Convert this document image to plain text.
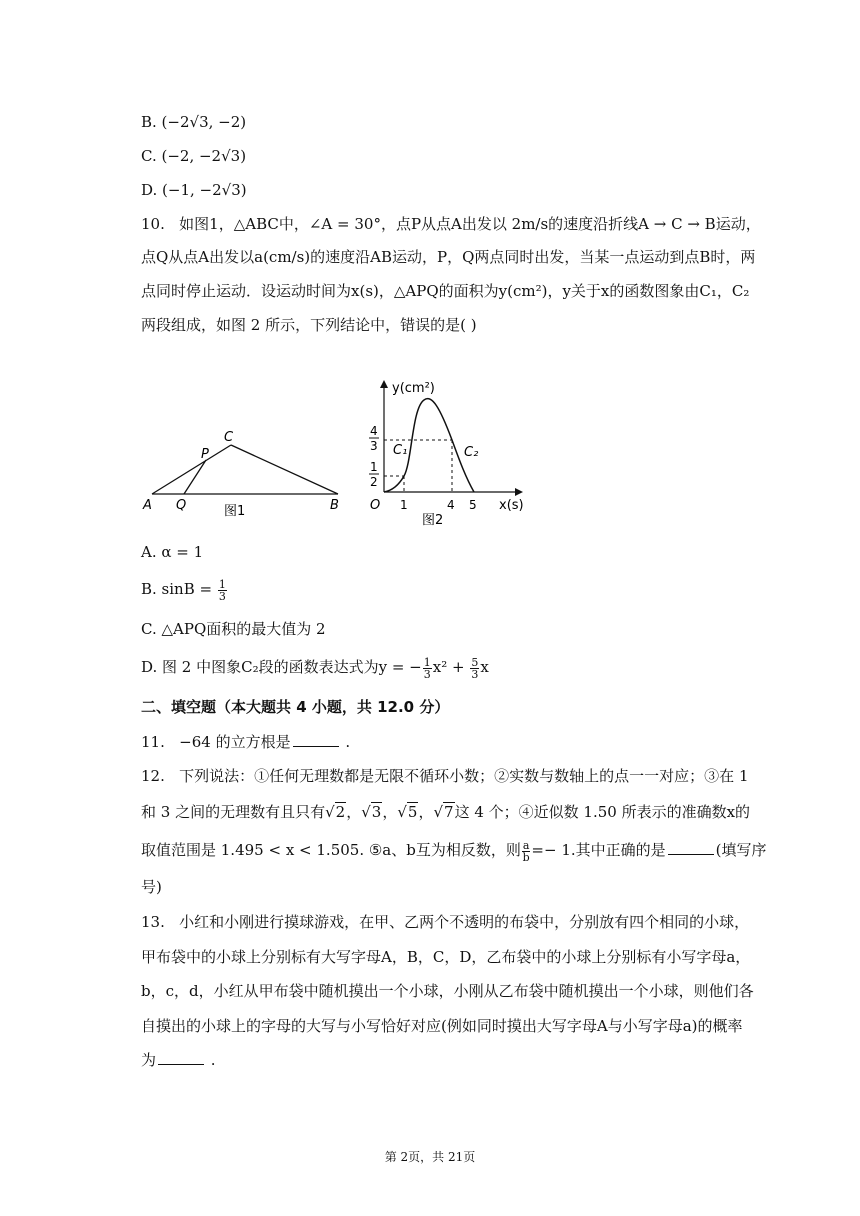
B. (−2√3, −2)
C. (−2, −2√3)
D. (−1, −2√3)
10. 如图1，△ABC中，∠A = 30°，点P从点A出发以 2m/s的速度沿折线A → C → B运动，
点Q从点A出发以a(cm/s)的速度沿AB运动，P，Q两点同时出发，当某一点运动到点B时，两
点同时停止运动．设运动时间为x(s)，△APQ的面积为y(cm²)，y关于x的函数图象由C₁，C₂
两段组成，如图 2 所示，下列结论中，错误的是( )
A Q
P
C
B
图1
y(cm²)
x(s)
O 1	4 5
4
3
1
2
C₁	C₂
图2
A. α = 1
B. $\sin B = \frac{1}{3}$
C. △APQ面积的最大值为 2
D. 图 2 中图象C₂段的函数表达式为y = − $\frac{1}{3} x^2 + \frac{5}{3}$ x
二、填空题（本大题共 4 小题，共 12.0 分）
11. −64 的立方根是	.
12. 下列说法：①任何无理数都是无限不循环小数；②实数与数轴上的点一一对应；③在 1
和 3 之间的无理数有且只有√2，√3，√5，√7这 4 个；④近似数 1.50 所表示的准确数x的
取值范围是 1.495 < x < 1.505. ⑤a、b互为相反数，则 $\frac{a}{b} =- 1$.其中正确的是	(填写序
号)
13. 小红和小刚进行摸球游戏，在甲、乙两个不透明的布袋中，分别放有四个相同的小球，
甲布袋中的小球上分别标有大写字母A，B，C，D，乙布袋中的小球上分别标有小写字母a，
b，c，d，小红从甲布袋中随机摸出一个小球，小刚从乙布袋中随机摸出一个小球，则他们各
自摸出的小球上的字母的大写与小写恰好对应(例如同时摸出大写字母A与小写字母a)的概率
为	.
第 2页，共 21页
